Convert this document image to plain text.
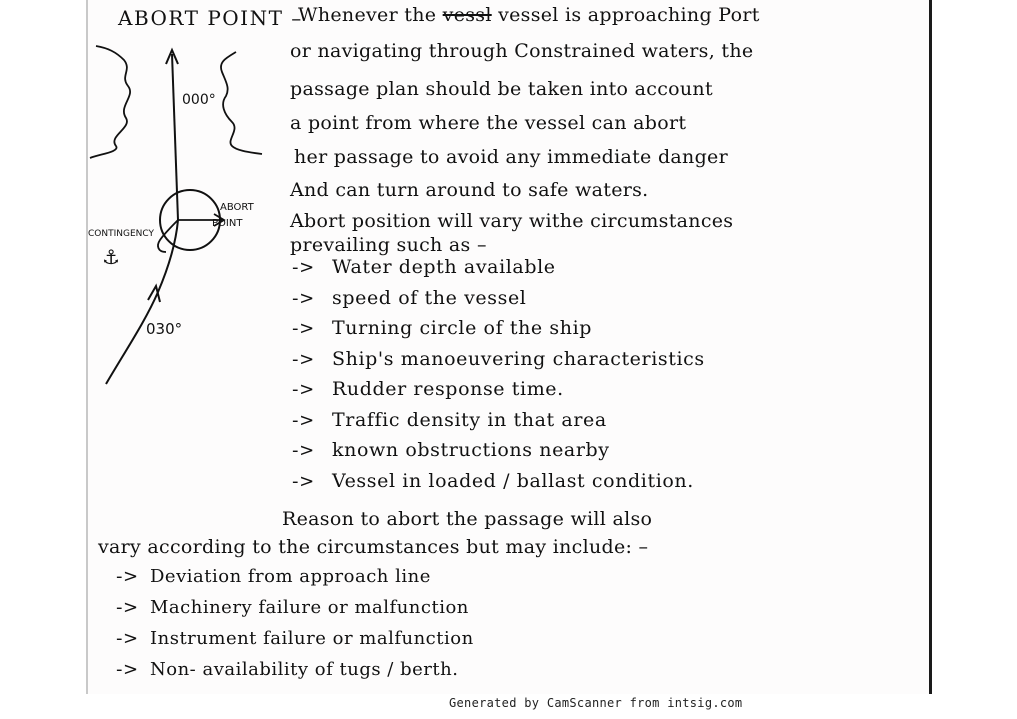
ABORT POINT –
Whenever the vessl vessel is approaching Port
or navigating through Constrained waters, the
passage plan should be taken into account
a point from where the vessel can abort
her passage to avoid any immediate danger
And can turn around to safe waters.
Abort position will vary withe circumstances
prevailing such as –
-> Water depth available
-> speed of the vessel
-> Turning circle of the ship
-> Ship's manoeuvering characteristics
-> Rudder response time.
-> Traffic density in that area
-> known obstructions nearby
-> Vessel in loaded / ballast condition.
Reason to abort the passage will also
vary according to the circumstances but may include: –
-> Deviation from approach line
-> Machinery failure or malfunction
-> Instrument failure or malfunction
-> Non- availability of tugs / berth.
000°
030°
ABORT
POINT
CONTINGENCY
⚓
Generated by CamScanner from intsig.com
